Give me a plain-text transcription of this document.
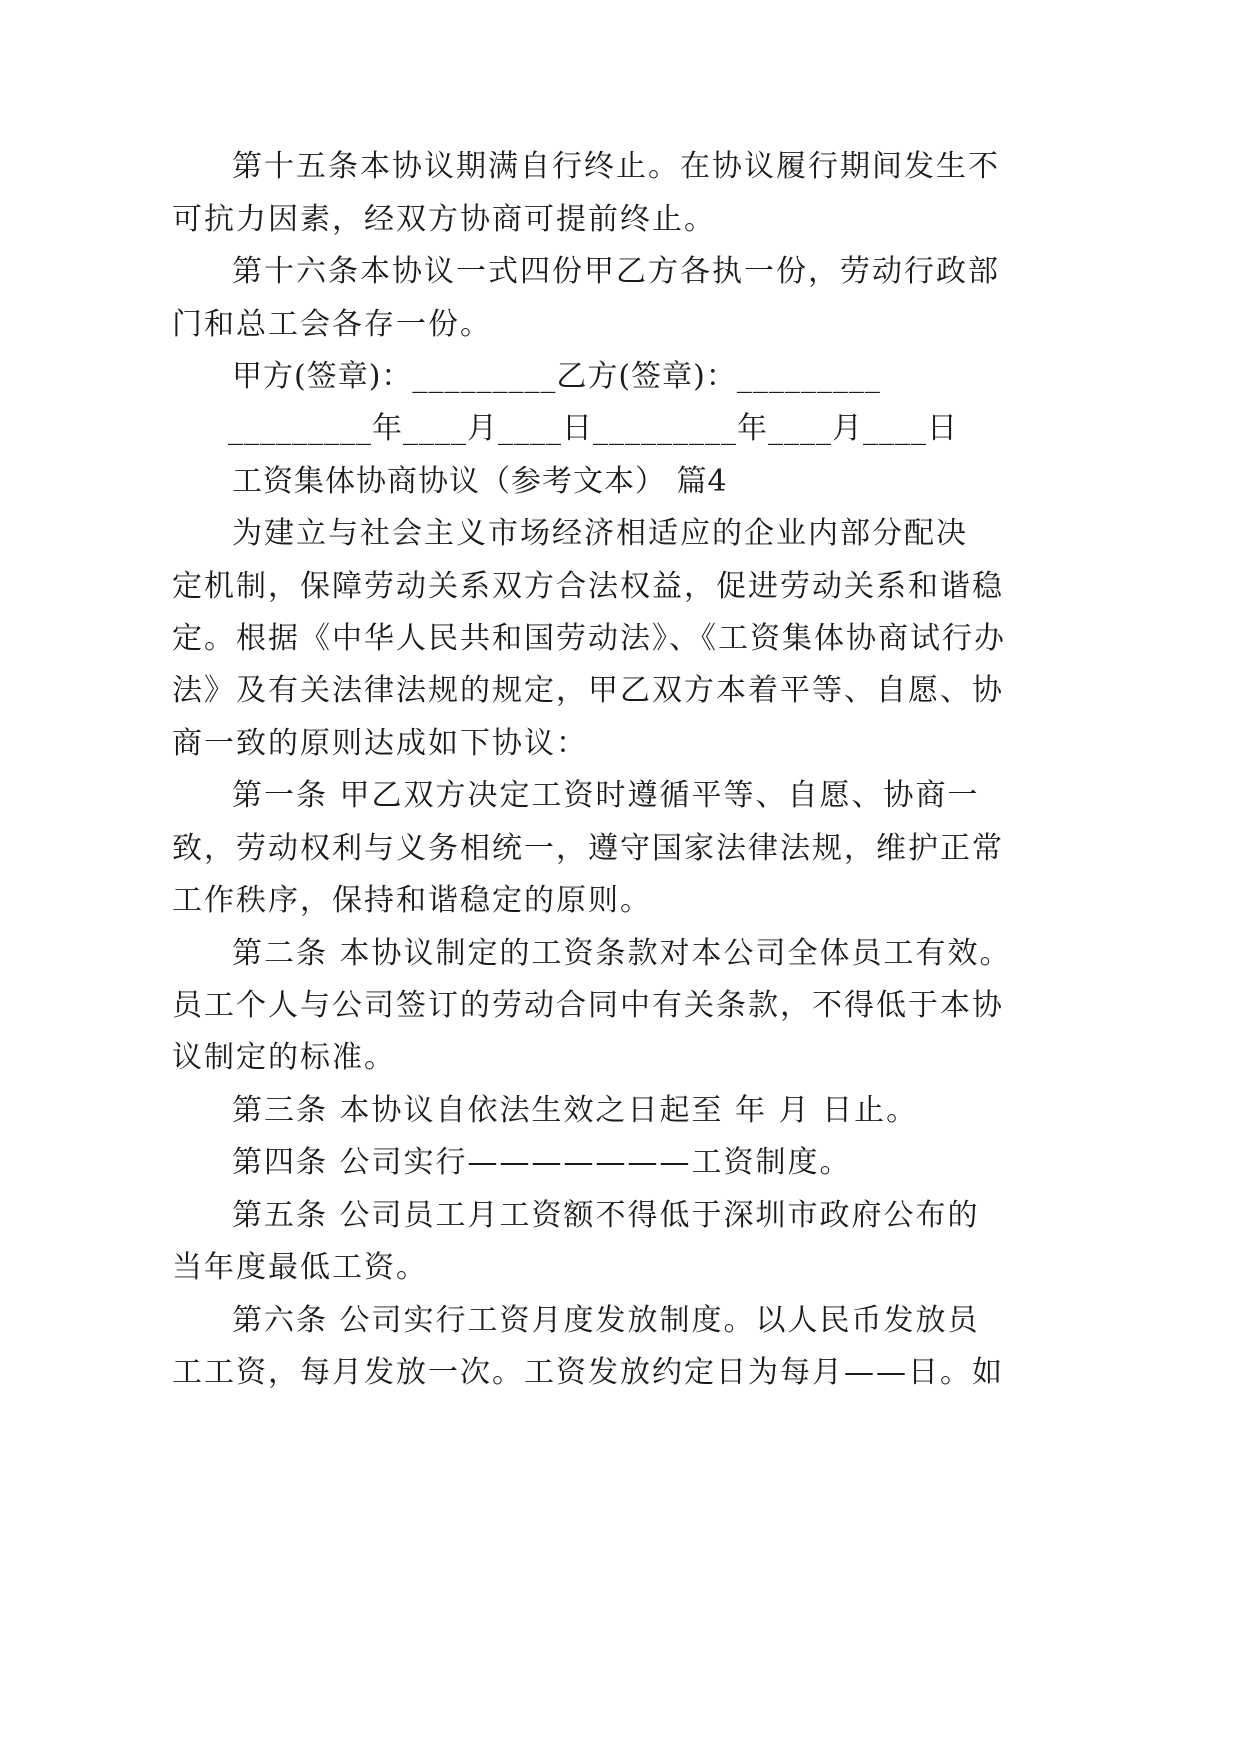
第十五条本协议期满自行终止。在协议履行期间发生不

可抗力因素，经双方协商可提前终止。

第十六条本协议一式四份甲乙方各执一份，劳动行政部

门和总工会各存一份。

甲方(签章)：_________乙方(签章)：_________

_________年____月____日_________年____月____日

工资集体协商协议（参考文本） 篇4

为建立与社会主义市场经济相适应的企业内部分配决

定机制，保障劳动关系双方合法权益，促进劳动关系和谐稳

定。根据《中华人民共和国劳动法》、《工资集体协商试行办

法》及有关法律法规的规定，甲乙双方本着平等、自愿、协

商一致的原则达成如下协议：

第一条 甲乙双方决定工资时遵循平等、自愿、协商一

致，劳动权利与义务相统一，遵守国家法律法规，维护正常

工作秩序，保持和谐稳定的原则。

第二条 本协议制定的工资条款对本公司全体员工有效。

员工个人与公司签订的劳动合同中有关条款，不得低于本协

议制定的标准。

第三条 本协议自依法生效之日起至 年 月 日止。

第四条 公司实行———————工资制度。

第五条 公司员工月工资额不得低于深圳市政府公布的

当年度最低工资。

第六条 公司实行工资月度发放制度。以人民币发放员

工工资，每月发放一次。工资发放约定日为每月——日。如
